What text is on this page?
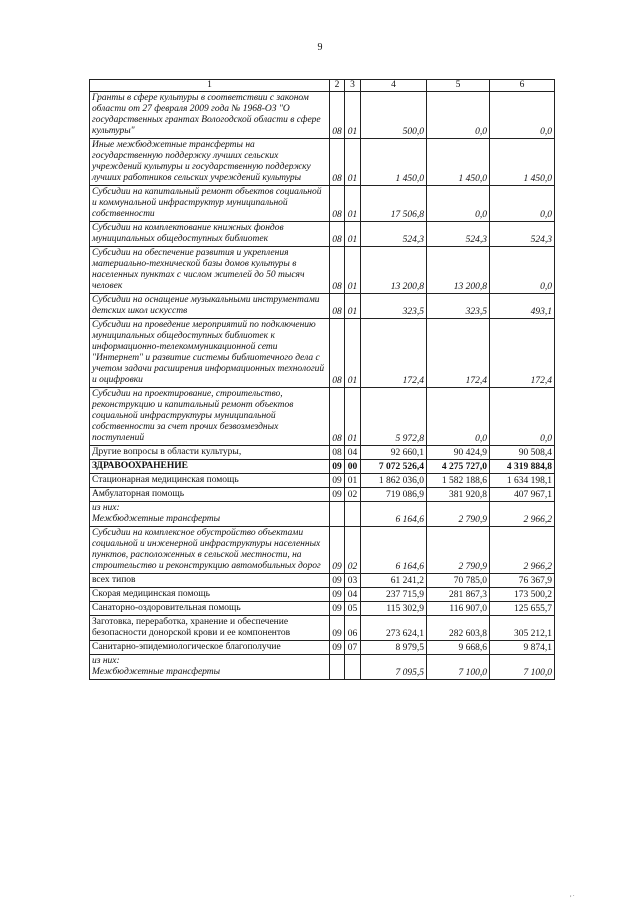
9
1	2	3	4	5	6
Гранты в сфере культуры в соответствии с законом области от 27 февраля 2009 года № 1968-ОЗ "О государственных грантах Вологодской области в сфере культуры"	08	01	500,0	0,0	0,0
Иные межбюджетные трансферты на государственную поддержку лучших сельских учреждений культуры и государственную поддержку лучших работников сельских учреждений культуры	08	01	1 450,0	1 450,0	1 450,0
Субсидии на капитальный ремонт объектов социальной и коммунальной инфраструктур муниципальной собственности	08	01	17 506,8	0,0	0,0
Субсидии на комплектование книжных фондов муниципальных общедоступных библиотек	08	01	524,3	524,3	524,3
Субсидии на обеспечение развития и укрепления материально-технической базы домов культуры в населенных пунктах с числом жителей до 50 тысяч человек	08	01	13 200,8	13 200,8	0,0
Субсидии на оснащение музыкальными инструментами детских школ искусств	08	01	323,5	323,5	493,1
Субсидии на проведение мероприятий по подключению муниципальных общедоступных библиотек к информационно-телекоммуникационной сети "Интернет" и развитие системы библиотечного дела с учетом задачи расширения информационных технологий и оцифровки	08	01	172,4	172,4	172,4
Субсидии на проектирование, строительство, реконструкцию и капитальный ремонт объектов социальной инфраструктуры муниципальной собственности за счет прочих безвозмездных поступлений	08	01	5 972,8	0,0	0,0
Другие вопросы в области культуры,	08	04	92 660,1	90 424,9	90 508,4
ЗДРАВООХРАНЕНИЕ	09	00	7 072 526,4	4 275 727,0	4 319 884,8
Стационарная медицинская помощь	09	01	1 862 036,0	1 582 188,6	1 634 198,1
Амбулаторная помощь	09	02	719 086,9	381 920,8	407 967,1
из них:
Межбюджетные трансферты			6 164,6	2 790,9	2 966,2
Субсидии на комплексное обустройство объектами социальной и инженерной инфраструктуры населенных пунктов, расположенных в сельской местности, на строительство и реконструкцию автомобильных дорог	09	02	6 164,6	2 790,9	2 966,2
всех типов	09	03	61 241,2	70 785,0	76 367,9
Скорая медицинская помощь	09	04	237 715,9	281 867,3	173 500,2
Санаторно-оздоровительная помощь	09	05	115 302,9	116 907,0	125 655,7
Заготовка, переработка, хранение и обеспечение безопасности донорской крови и ее компонентов	09	06	273 624,1	282 603,8	305 212,1
Санитарно-эпидемиологическое благополучие	09	07	8 979,5	9 668,6	9 874,1
из них:
Межбюджетные трансферты			7 095,5	7 100,0	7 100,0
, .
